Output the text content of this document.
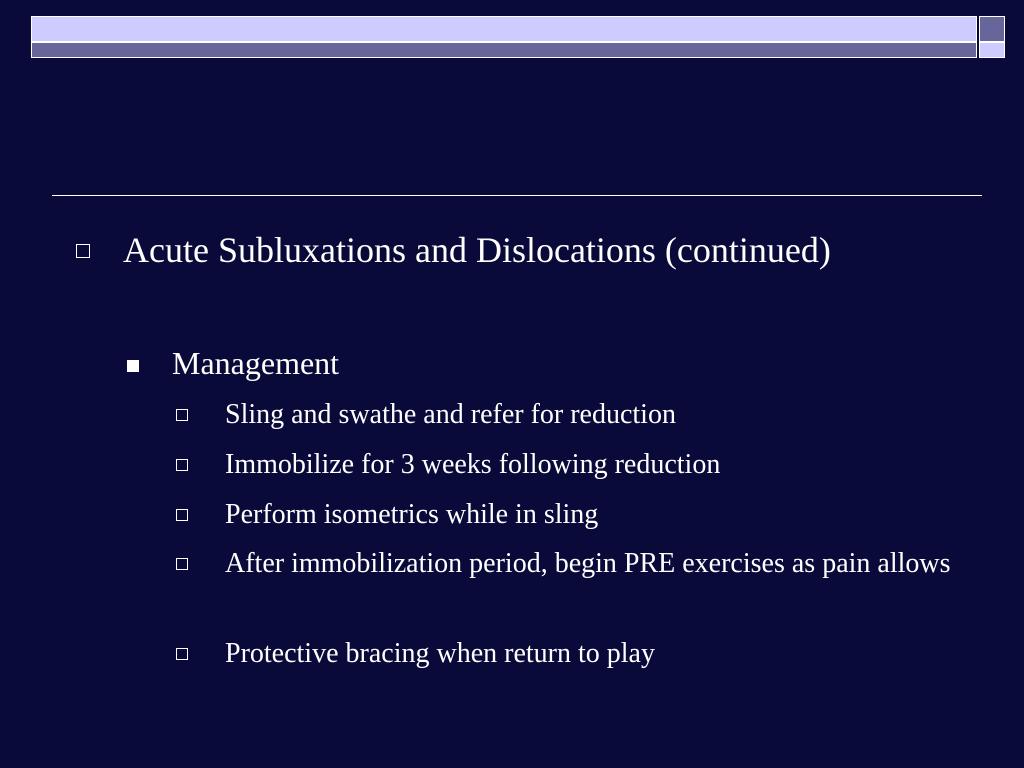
Acute Subluxations and Dislocations (continued)
Management
Sling and swathe and refer for reduction
Immobilize for 3 weeks following reduction
Perform isometrics while in sling
After immobilization period, begin PRE exercises as pain allows
Protective bracing when return to play
